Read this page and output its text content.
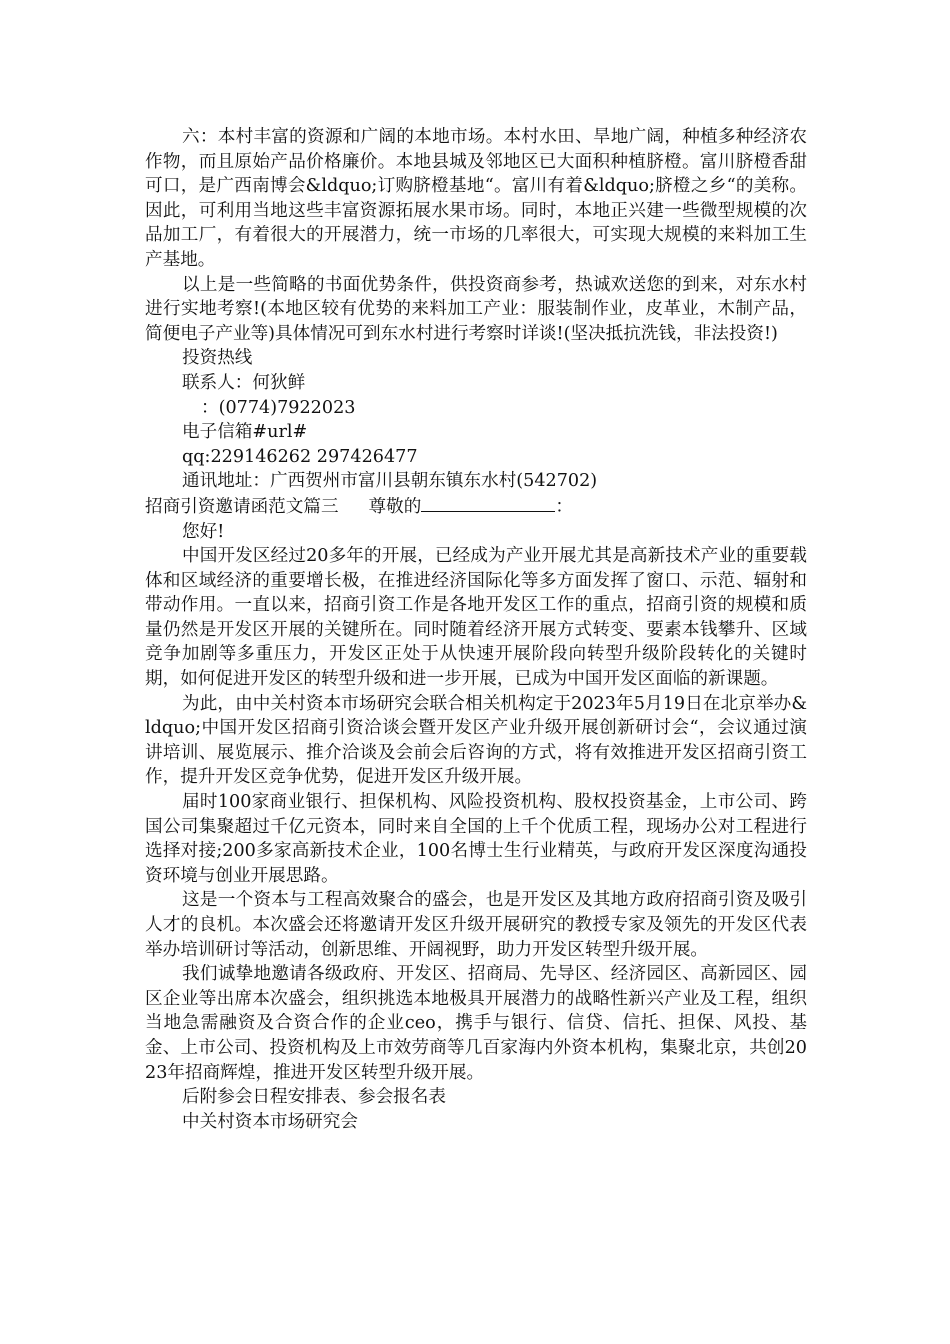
六：本村丰富的资源和广阔的本地市场。本村水田、旱地广阔，种植多种经济农作物，而且原始产品价格廉价。本地县城及邻地区已大面积种植脐橙。富川脐橙香甜可口，是广西南博会&ldquo;订购脐橙基地“。富川有着&ldquo;脐橙之乡“的美称。因此，可利用当地这些丰富资源拓展水果市场。同时，本地正兴建一些微型规模的次品加工厂，有着很大的开展潜力，统一市场的几率很大，可实现大规模的来料加工生产基地。

以上是一些简略的书面优势条件，供投资商参考，热诚欢送您的到来，对东水村进行实地考察!(本地区较有优势的来料加工产业：服装制作业，皮革业，木制产品，简便电子产业等)具体情况可到东水村进行考察时详谈!(坚决抵抗洗钱，非法投资!)

投资热线

联系人：何狄鲜

：(0774)7922023

电子信箱#url#

qq:229146262 297426477

通讯地址：广西贺州市富川县朝东镇东水村(542702)

招商引资邀请函范文篇三 尊敬的	：

您好!

中国开发区经过20多年的开展，已经成为产业开展尤其是高新技术产业的重要载体和区域经济的重要增长极，在推进经济国际化等多方面发挥了窗口、示范、辐射和带动作用。一直以来，招商引资工作是各地开发区工作的重点，招商引资的规模和质量仍然是开发区开展的关键所在。同时随着经济开展方式转变、要素本钱攀升、区域竞争加剧等多重压力，开发区正处于从快速开展阶段向转型升级阶段转化的关键时期，如何促进开发区的转型升级和进一步开展，已成为中国开发区面临的新课题。

为此，由中关村资本市场研究会联合相关机构定于2023年5月19日在北京举办&ldquo;中国开发区招商引资洽谈会暨开发区产业升级开展创新研讨会“，会议通过演讲培训、展览展示、推介洽谈及会前会后咨询的方式，将有效推进开发区招商引资工作，提升开发区竞争优势，促进开发区升级开展。

届时100家商业银行、担保机构、风险投资机构、股权投资基金，上市公司、跨国公司集聚超过千亿元资本，同时来自全国的上千个优质工程，现场办公对工程进行选择对接;200多家高新技术企业，100名博士生行业精英，与政府开发区深度沟通投资环境与创业开展思路。

这是一个资本与工程高效聚合的盛会，也是开发区及其地方政府招商引资及吸引人才的良机。本次盛会还将邀请开发区升级开展研究的教授专家及领先的开发区代表举办培训研讨等活动，创新思维、开阔视野，助力开发区转型升级开展。

我们诚挚地邀请各级政府、开发区、招商局、先导区、经济园区、高新园区、园区企业等出席本次盛会，组织挑选本地极具开展潜力的战略性新兴产业及工程，组织当地急需融资及合资合作的企业ceo，携手与银行、信贷、信托、担保、风投、基金、上市公司、投资机构及上市效劳商等几百家海内外资本机构，集聚北京，共创2023年招商辉煌，推进开发区转型升级开展。

后附参会日程安排表、参会报名表

中关村资本市场研究会
